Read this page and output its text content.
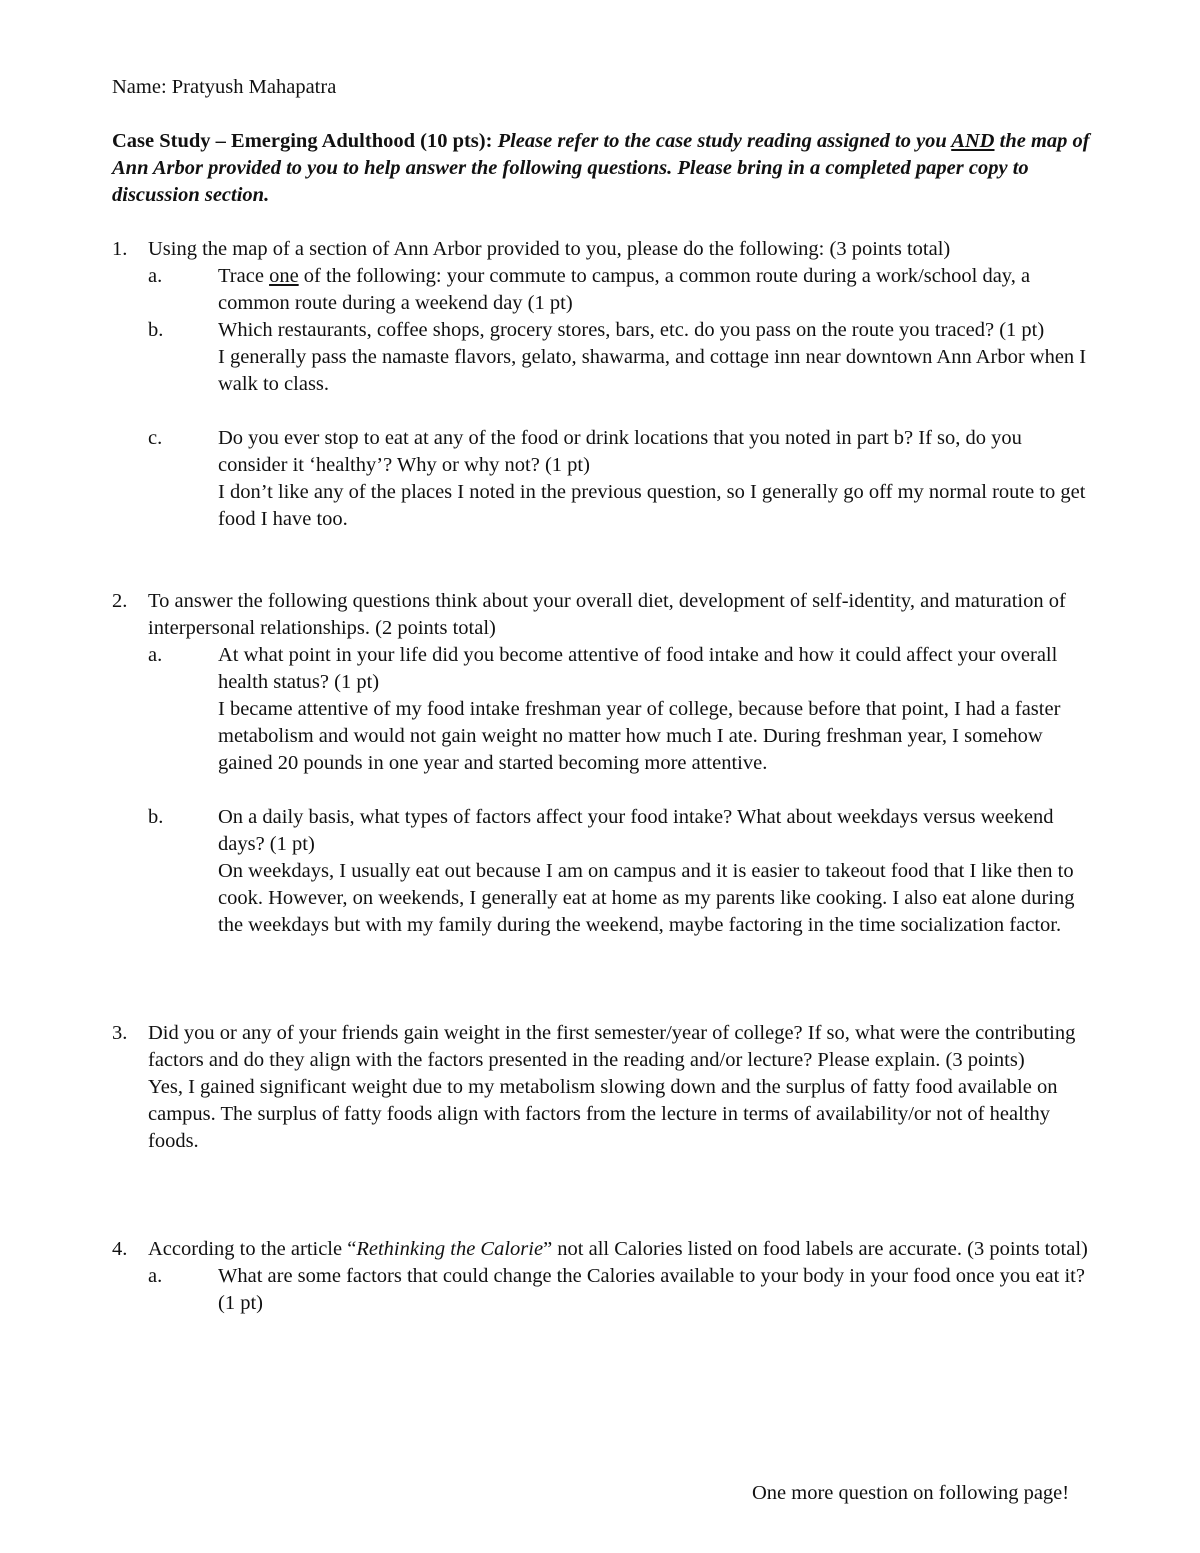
Name: Pratyush Mahapatra

Case Study – Emerging Adulthood (10 pts): Please refer to the case study reading assigned to you AND the map of Ann Arbor provided to you to help answer the following questions. Please bring in a completed paper copy to discussion section.

1. Using the map of a section of Ann Arbor provided to you, please do the following: (3 points total)
a.	Trace one of the following: your commute to campus, a common route during a work/school day, a common route during a weekend day (1 pt)
b.	Which restaurants, coffee shops, grocery stores, bars, etc. do you pass on the route you traced? (1 pt)
I generally pass the namaste flavors, gelato, shawarma, and cottage inn near downtown Ann Arbor when I walk to class.
c.	Do you ever stop to eat at any of the food or drink locations that you noted in part b? If so, do you consider it ‘healthy’? Why or why not? (1 pt)
I don’t like any of the places I noted in the previous question, so I generally go off my normal route to get food I have too.
2. To answer the following questions think about your overall diet, development of self-identity, and maturation of interpersonal relationships. (2 points total)
a.	At what point in your life did you become attentive of food intake and how it could affect your overall health status? (1 pt)
I became attentive of my food intake freshman year of college, because before that point, I had a faster metabolism and would not gain weight no matter how much I ate. During freshman year, I somehow gained 20 pounds in one year and started becoming more attentive.
b.	On a daily basis, what types of factors affect your food intake? What about weekdays versus weekend days? (1 pt)
On weekdays, I usually eat out because I am on campus and it is easier to takeout food that I like then to cook. However, on weekends, I generally eat at home as my parents like cooking. I also eat alone during the weekdays but with my family during the weekend, maybe factoring in the time socialization factor.
3. Did you or any of your friends gain weight in the first semester/year of college? If so, what were the contributing factors and do they align with the factors presented in the reading and/or lecture? Please explain. (3 points)
Yes, I gained significant weight due to my metabolism slowing down and the surplus of fatty food available on campus. The surplus of fatty foods align with factors from the lecture in terms of availability/or not of healthy foods.
4. According to the article “Rethinking the Calorie” not all Calories listed on food labels are accurate. (3 points total)
a.	What are some factors that could change the Calories available to your body in your food once you eat it? (1 pt)

One more question on following page!
